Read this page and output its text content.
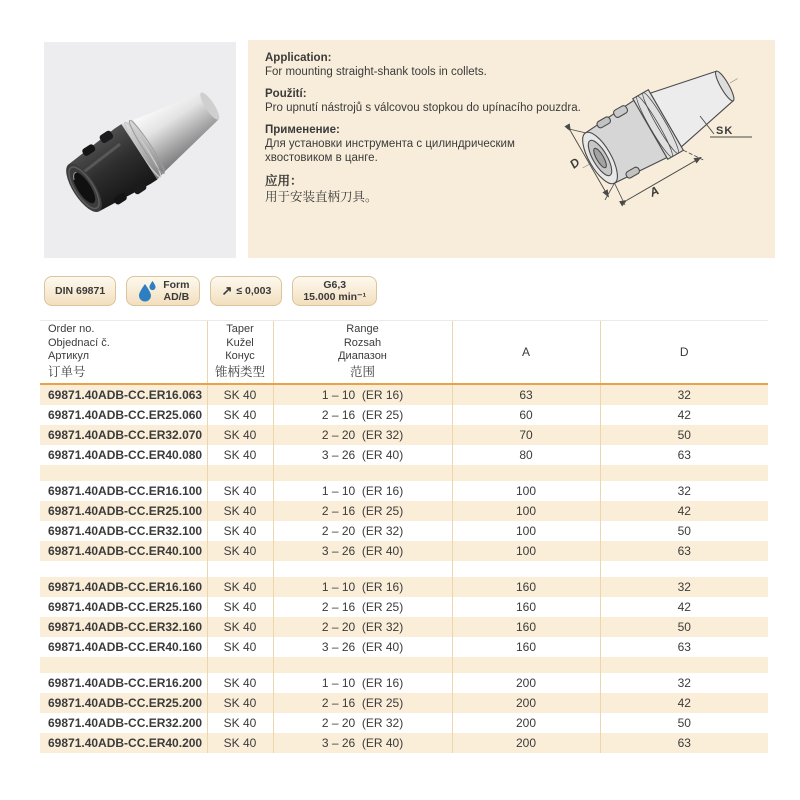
Application:
For mounting straight-shank tools in collets.
Použití:
Pro upnutí nástrojů s válcovou stopkou do upínacího pouzdra.
Применение:
Для установки инструмента с цилиндрическим хвостовиком в цанге.
应用：
用于安装直柄刀具。
D
A
SK
DIN 69871	Form
AD/B ↗ ≤ 0,003	G6,3
15.000 min⁻¹
Order no.
Objednací č.
Артикул
订单号

Taper
Kužel
Конус
锥柄类型

Range
Rozsah
Диапазон
范围

A	D

69871.40ADB-CC.ER16.063	SK 40	1 – 10  (ER 16)	63	32
69871.40ADB-CC.ER25.060	SK 40	2 – 16  (ER 25)	60	42
69871.40ADB-CC.ER32.070	SK 40	2 – 20  (ER 32)	70	50
69871.40ADB-CC.ER40.080	SK 40	3 – 26  (ER 40)	80	63

69871.40ADB-CC.ER16.100	SK 40	1 – 10  (ER 16)	100	32
69871.40ADB-CC.ER25.100	SK 40	2 – 16  (ER 25)	100	42
69871.40ADB-CC.ER32.100	SK 40	2 – 20  (ER 32)	100	50
69871.40ADB-CC.ER40.100	SK 40	3 – 26  (ER 40)	100	63

69871.40ADB-CC.ER16.160	SK 40	1 – 10  (ER 16)	160	32
69871.40ADB-CC.ER25.160	SK 40	2 – 16  (ER 25)	160	42
69871.40ADB-CC.ER32.160	SK 40	2 – 20  (ER 32)	160	50
69871.40ADB-CC.ER40.160	SK 40	3 – 26  (ER 40)	160	63

69871.40ADB-CC.ER16.200	SK 40	1 – 10  (ER 16)	200	32
69871.40ADB-CC.ER25.200	SK 40	2 – 16  (ER 25)	200	42
69871.40ADB-CC.ER32.200	SK 40	2 – 20  (ER 32)	200	50
69871.40ADB-CC.ER40.200	SK 40	3 – 26  (ER 40)	200	63
